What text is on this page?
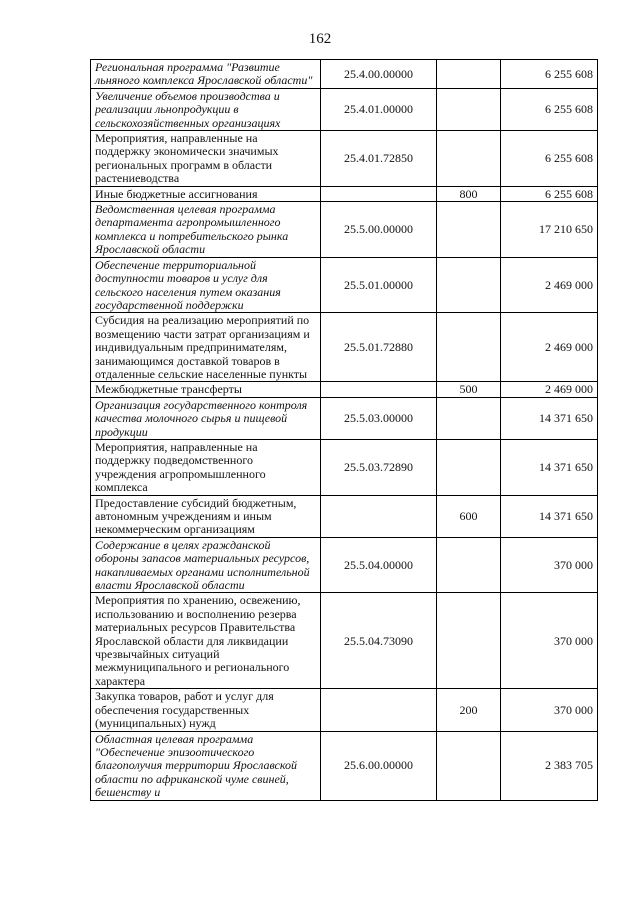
162
Региональная программа "Развитие льняного комплекса Ярославской области"	25.4.00.00000		6 255 608
Увеличение объемов производства и реализации льнопродукции в сельскохозяйственных организациях	25.4.01.00000		6 255 608
Мероприятия, направленные на поддержку экономически значимых региональных программ в области растениеводства	25.4.01.72850		6 255 608
Иные бюджетные ассигнования		800	6 255 608
Ведомственная целевая программа департамента агропромышленного комплекса и потребительского рынка Ярославской области	25.5.00.00000		17 210 650
Обеспечение территориальной доступности товаров и услуг для сельского населения путем оказания государственной поддержки	25.5.01.00000		2 469 000
Субсидия на реализацию мероприятий по возмещению части затрат организациям и индивидуальным предпринимателям, занимающимся доставкой товаров в отдаленные сельские населенные пункты	25.5.01.72880		2 469 000
Межбюджетные трансферты		500	2 469 000
Организация государственного контроля качества молочного сырья и пищевой продукции	25.5.03.00000		14 371 650
Мероприятия, направленные на поддержку подведомственного учреждения агропромышленного комплекса	25.5.03.72890		14 371 650
Предоставление субсидий бюджетным, автономным учреждениям и иным некоммерческим организациям		600	14 371 650
Содержание в целях гражданской обороны запасов материальных ресурсов, накапливаемых органами исполнительной власти Ярославской области	25.5.04.00000		370 000
Мероприятия по хранению, освежению, использованию и восполнению резерва материальных ресурсов Правительства Ярославской области для ликвидации чрезвычайных ситуаций межмуниципального и регионального характера	25.5.04.73090		370 000
Закупка товаров, работ и услуг для обеспечения государственных (муниципальных) нужд		200	370 000
Областная целевая программа "Обеспечение эпизоотического благополучия территории Ярославской области по африканской чуме свиней, бешенству и	25.6.00.00000		2 383 705
